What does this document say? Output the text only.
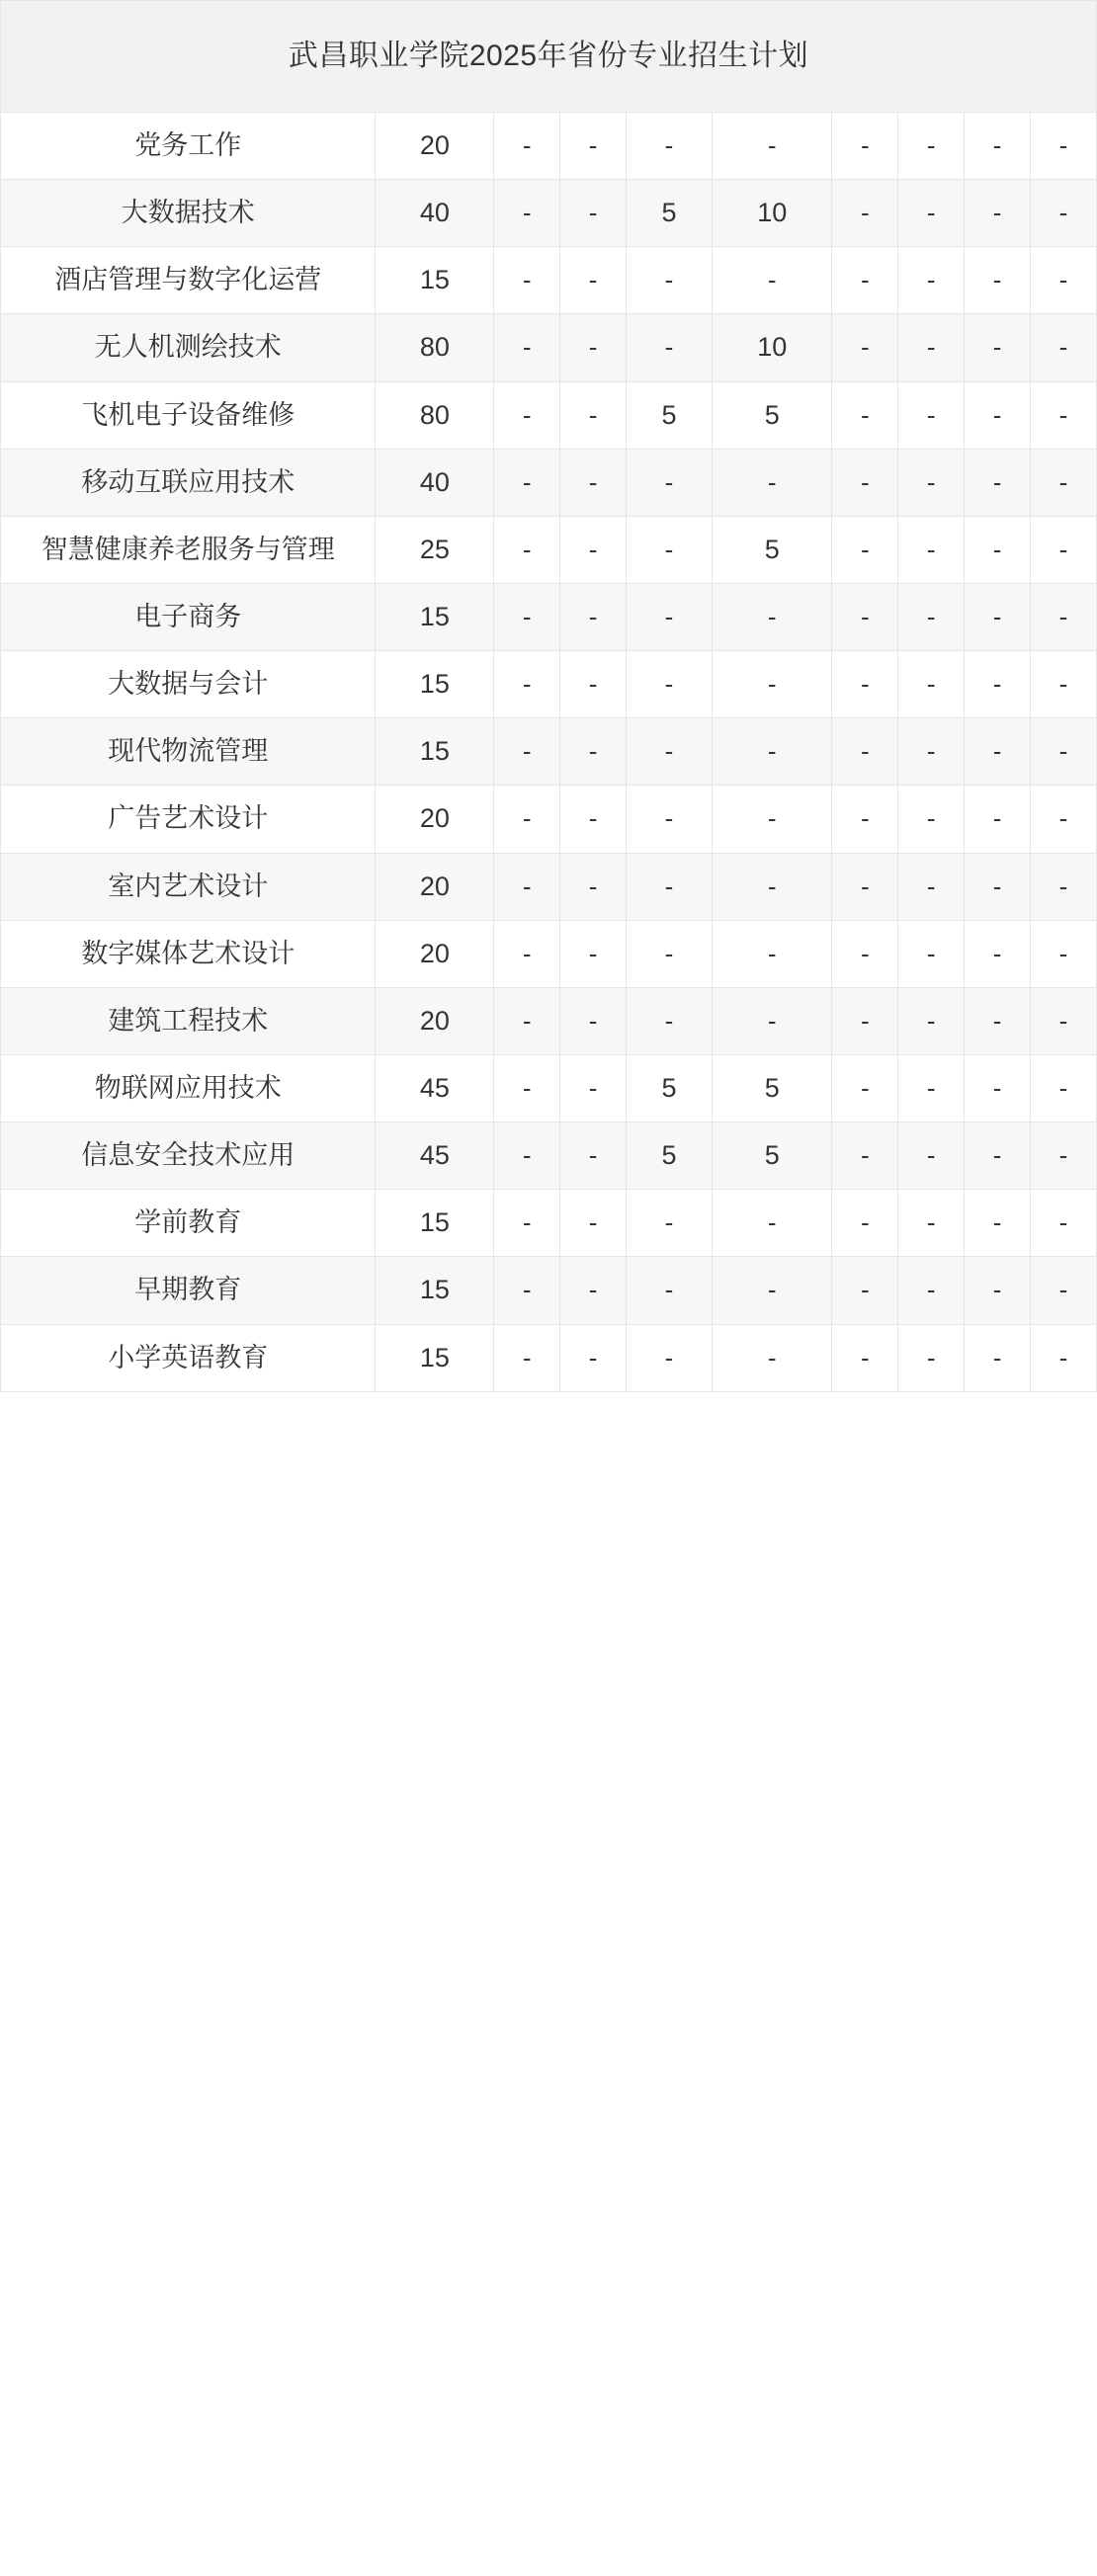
武昌职业学院2025年省份专业招生计划									
党务工作	20	-	-	-	-	-	-	-	-
大数据技术	40	-	-	5	10	-	-	-	-
酒店管理与数字化运营	15	-	-	-	-	-	-	-	-
无人机测绘技术	80	-	-	-	10	-	-	-	-
飞机电子设备维修	80	-	-	5	5	-	-	-	-
移动互联应用技术	40	-	-	-	-	-	-	-	-
智慧健康养老服务与管理	25	-	-	-	5	-	-	-	-
电子商务	15	-	-	-	-	-	-	-	-
大数据与会计	15	-	-	-	-	-	-	-	-
现代物流管理	15	-	-	-	-	-	-	-	-
广告艺术设计	20	-	-	-	-	-	-	-	-
室内艺术设计	20	-	-	-	-	-	-	-	-
数字媒体艺术设计	20	-	-	-	-	-	-	-	-
建筑工程技术	20	-	-	-	-	-	-	-	-
物联网应用技术	45	-	-	5	5	-	-	-	-
信息安全技术应用	45	-	-	5	5	-	-	-	-
学前教育	15	-	-	-	-	-	-	-	-
早期教育	15	-	-	-	-	-	-	-	-
小学英语教育	15	-	-	-	-	-	-	-	-
